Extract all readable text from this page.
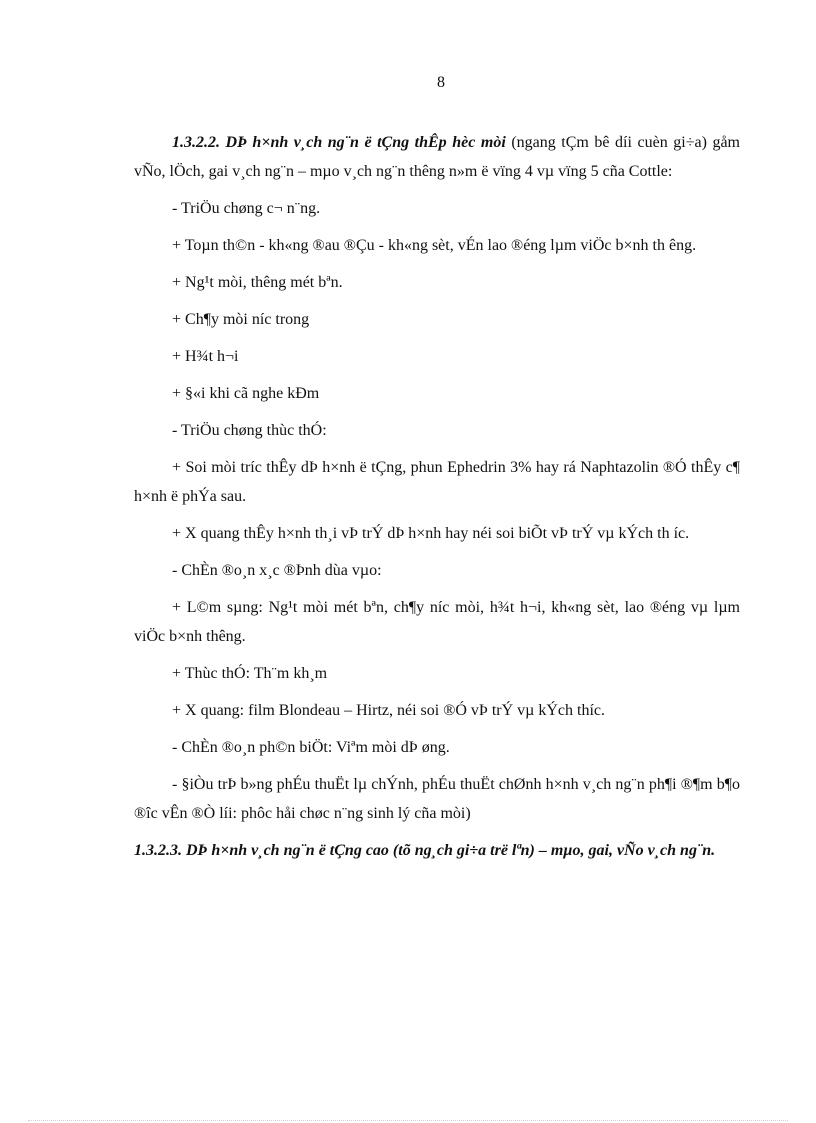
8

1.3.2.2. DÞ h×nh v¸ch ng¨n ë tÇng thÊp hèc mòi (ngang tÇm bê díi cuèn gi÷a) gåm vÑo, lÖch, gai v¸ch ng¨n – mµo v¸ch ng¨n thêng n»m ë vïng 4 vµ vïng 5 cña Cottle:

- TriÖu chøng c¬ n¨ng.

+ Toµn th©n - kh«ng ®au ®Çu - kh«ng sèt, vÉn lao ®éng lµm viÖc b×nh th êng.

+ Ng¹t mòi, thêng mét bªn.

+ Ch¶y mòi níc trong

+ H¾t h¬i

+ §«i khi cã nghe kÐm

- TriÖu chøng thùc thÓ:

+ Soi mòi tríc thÊy dÞ h×nh ë tÇng, phun Ephedrin 3% hay rá Naphtazolin ®Ó thÊy c¶ h×nh ë phÝa sau.

+ X quang thÊy h×nh th¸i vÞ trÝ dÞ h×nh hay néi soi biÕt vÞ trÝ vµ kÝch th íc.

- ChÈn ®o¸n x¸c ®Þnh dùa vµo:

+ L©m sµng: Ng¹t mòi mét bªn, ch¶y níc mòi, h¾t h¬i, kh«ng sèt, lao ®éng vµ lµm viÖc b×nh thêng.

+ Thùc thÓ: Th¨m kh¸m

+ X quang: film Blondeau – Hirtz, néi soi ®Ó vÞ trÝ vµ kÝch thíc.

- ChÈn ®o¸n ph©n biÖt: Viªm mòi dÞ øng.

- §iÒu trÞ b»ng phÉu thuËt lµ chÝnh, phÉu thuËt chØnh h×nh v¸ch ng¨n ph¶i ®¶m b¶o ®îc vÊn ®Ò líi: phôc håi chøc n¨ng sinh lý cña mòi)

1.3.2.3. DÞ h×nh v¸ch ng¨n ë tÇng cao (tõ ng¸ch gi÷a trë lªn) – mµo, gai, vÑo v¸ch ng¨n.
